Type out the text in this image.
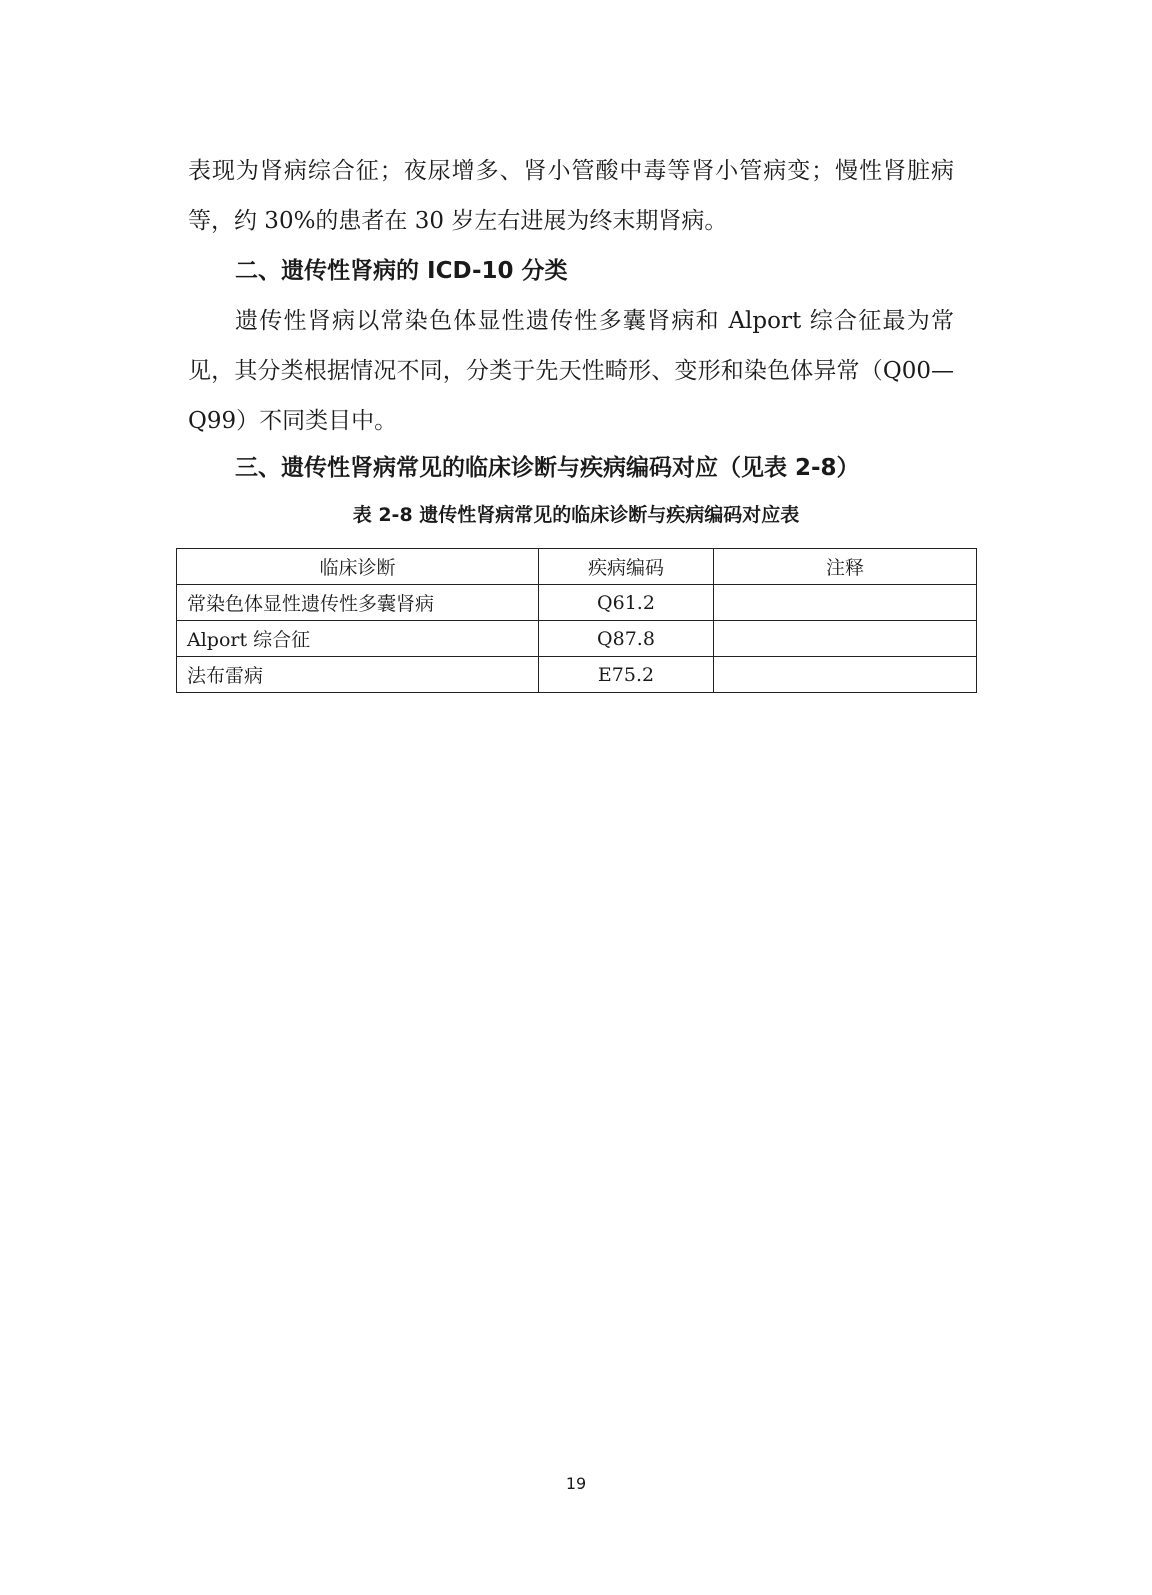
表现为肾病综合征；夜尿增多、肾小管酸中毒等肾小管病变；慢性肾脏病等，约 30%的患者在 30 岁左右进展为终末期肾病。

二、遗传性肾病的 ICD-10 分类

遗传性肾病以常染色体显性遗传性多囊肾病和 Alport 综合征最为常见，其分类根据情况不同，分类于先天性畸形、变形和染色体异常（Q00—Q99）不同类目中。

三、遗传性肾病常见的临床诊断与疾病编码对应（见表 2-8）
表 2-8 遗传性肾病常见的临床诊断与疾病编码对应表
临床诊断	疾病编码	注释
常染色体显性遗传性多囊肾病	Q61.2	
Alport 综合征	Q87.8	
法布雷病	E75.2	
19
